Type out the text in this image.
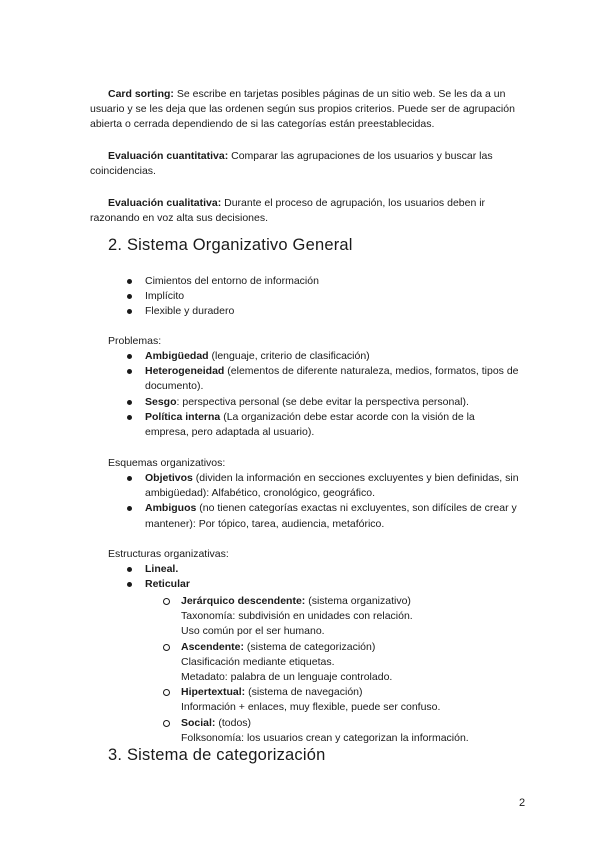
Card sorting: Se escribe en tarjetas posibles páginas de un sitio web. Se les da a un usuario y se les deja que las ordenen según sus propios criterios. Puede ser de agrupación abierta o cerrada dependiendo de si las categorías están preestablecidas.
Evaluación cuantitativa: Comparar las agrupaciones de los usuarios y buscar las coincidencias.
Evaluación cualitativa: Durante el proceso de agrupación, los usuarios deben ir razonando en voz alta sus decisiones.
2. Sistema Organizativo General
Cimientos del entorno de información
Implícito
Flexible y duradero
Problemas:
Ambigüedad (lenguaje, criterio de clasificación)
Heterogeneidad (elementos de diferente naturaleza, medios, formatos, tipos de documento).
Sesgo: perspectiva personal (se debe evitar la perspectiva personal).
Política interna (La organización debe estar acorde con la visión de la empresa, pero adaptada al usuario).
Esquemas organizativos:
Objetivos (dividen la información en secciones excluyentes y bien definidas, sin ambigüedad): Alfabético, cronológico, geográfico.
Ambiguos (no tienen categorías exactas ni excluyentes, son difíciles de crear y mantener): Por tópico, tarea, audiencia, metafórico.
Estructuras organizativas:
Lineal.
Reticular
Jerárquico descendente: (sistema organizativo)
Taxonomía: subdivisión en unidades con relación.
Uso común por el ser humano.
Ascendente: (sistema de categorización)
Clasificación mediante etiquetas.
Metadato: palabra de un lenguaje controlado.
Hipertextual: (sistema de navegación)
Información + enlaces, muy flexible, puede ser confuso.
Social: (todos)
Folksonomía: los usuarios crean y categorizan la información.
3. Sistema de categorización
2
